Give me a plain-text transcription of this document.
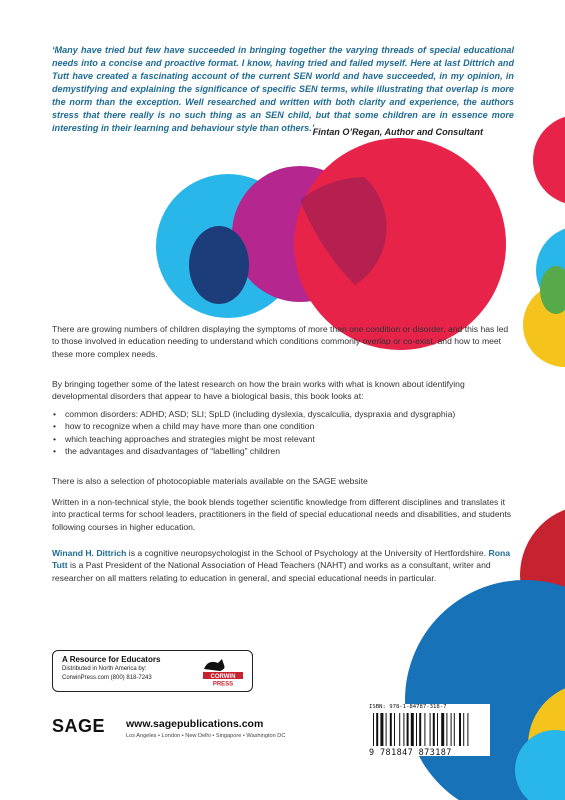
‘Many have tried but few have succeeded in bringing together the varying threads of special educational needs into a concise and proactive format. I know, having tried and failed myself. Here at last Dittrich and Tutt have created a fascinating account of the current SEN world and have succeeded, in my opinion, in demystifying and explaining the significance of specific SEN terms, while illustrating that overlap is more the norm than the exception. Well researched and written with both clarity and experience, the authors stress that there really is no such thing as an SEN child, but that some children are in essence more interesting in their learning and behaviour style than others.’
Fintan O’Regan, Author and Consultant
There are growing numbers of children displaying the symptoms of more than one condition or disorder, and this has led to those involved in education needing to understand which conditions commonly overlap or co-exist, and how to meet these more complex needs.
By bringing together some of the latest research on how the brain works with what is known about identifying developmental disorders that appear to have a biological basis, this book looks at:
• common disorders: ADHD; ASD; SLI; SpLD (including dyslexia, dyscalculia, dyspraxia and dysgraphia)
• how to recognize when a child may have more than one condition
• which teaching approaches and strategies might be most relevant
• the advantages and disadvantages of “labelling” children
There is also a selection of photocopiable materials available on the SAGE website
Written in a non-technical style, the book blends together scientific knowledge from different disciplines and translates it into practical terms for school leaders, practitioners in the field of special educational needs and disabilities, and students following courses in higher education.
Winand H. Dittrich is a cognitive neuropsychologist in the School of Psychology at the University of Hertfordshire. Rona Tutt is a Past President of the National Association of Head Teachers (NAHT) and works as a consultant, writer and researcher on all matters relating to education in general, and special educational needs in particular.
A Resource for Educators
Distributed in North America by:
CorwinPress.com (800) 818-7243	CORWIN
PRESS
SAGE www.sagepublications.com
Los Angeles • London • New Delhi • Singapore • Washington DC
ISBN: 978-1-84787-318-7
9 781847 873187
